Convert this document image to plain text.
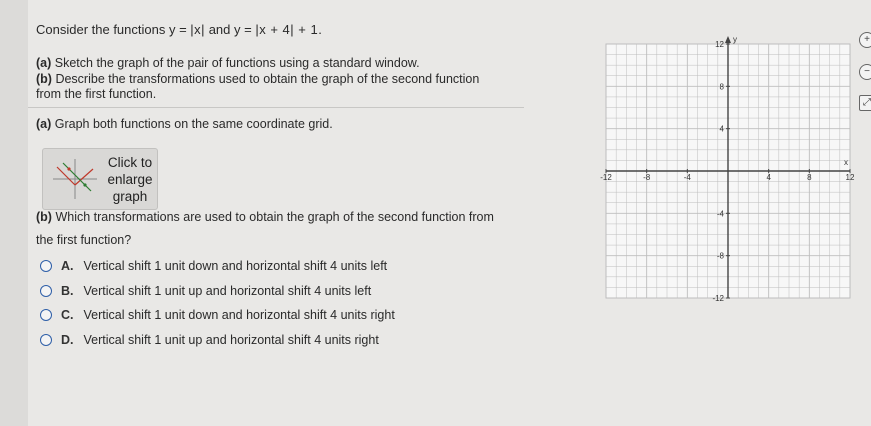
Consider the functions y = |x| and y = |x + 4| + 1.
(a) Sketch the graph of the pair of functions using a standard window.
(b) Describe the transformations used to obtain the graph of the second function
from the first function.
(a) Graph both functions on the same coordinate grid.
Click to
enlarge
graph
(b) Which transformations are used to obtain the graph of the second function from
the first function?
A. Vertical shift 1 unit down and horizontal shift 4 units left
B. Vertical shift 1 unit up and horizontal shift 4 units left
C. Vertical shift 1 unit down and horizontal shift 4 units right
D. Vertical shift 1 unit up and horizontal shift 4 units right
x
y
-12	-8	-4	4	8	12
12
8
4
-4
-8
-12
+
−
⤢
